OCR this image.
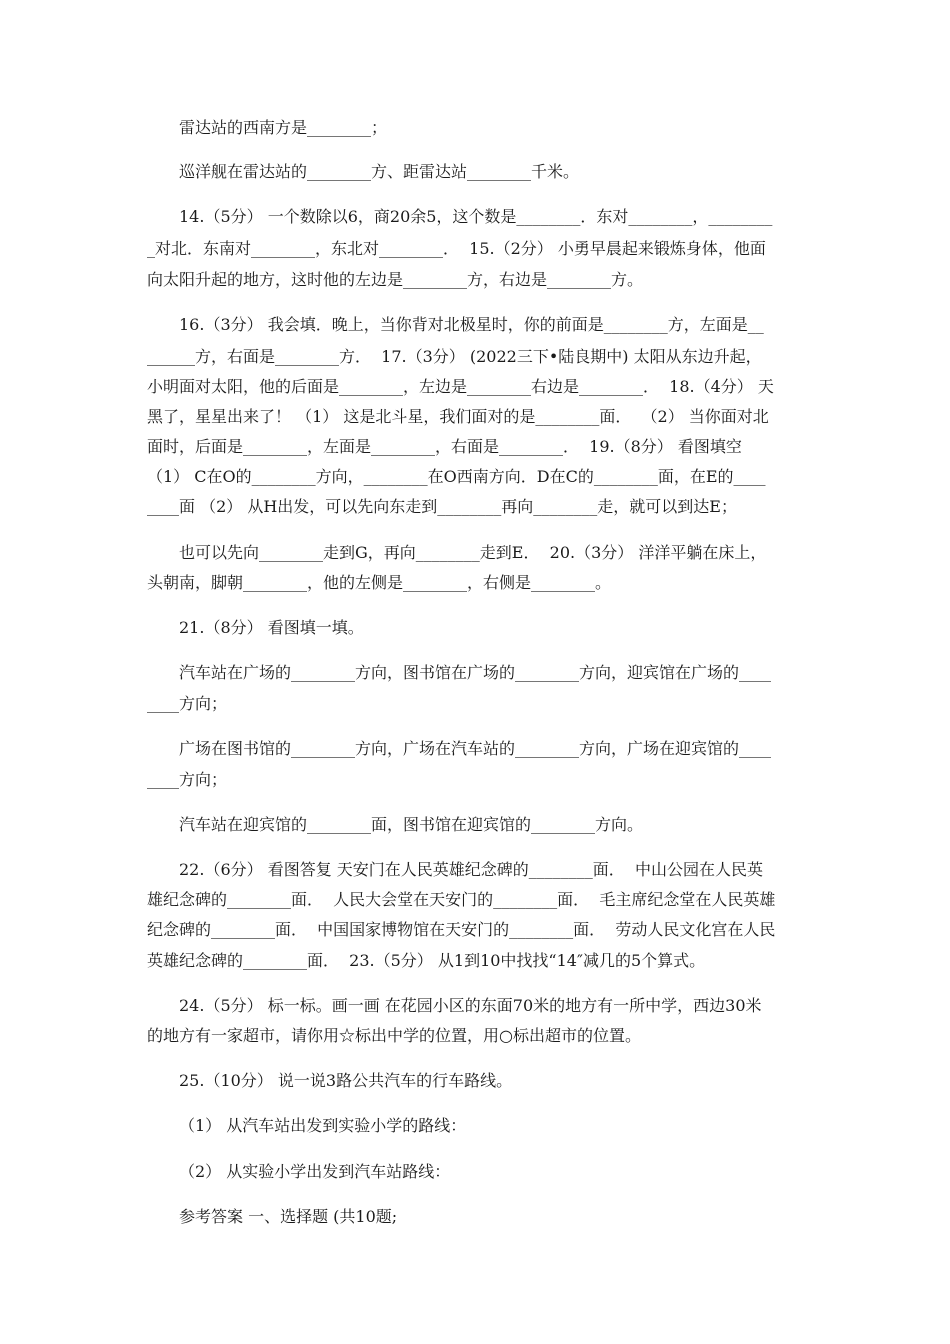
雷达站的西南方是________；

巡洋舰在雷达站的________方、距雷达站________千米。

14.（5分） 一个数除以6，商20余5，这个数是________．东对________，________

_对北．东南对________，东北对________．  15.（2分） 小勇早晨起来锻炼身体，他面

向太阳升起的地方，这时他的左边是________方，右边是________方。

16.（3分） 我会填．晚上，当你背对北极星时，你的前面是________方，左面是__

______方，右面是________方．  17.（3分） (2022三下•陆良期中) 太阳从东边升起，

小明面对太阳，他的后面是________，左边是________右边是________．  18.（4分） 天

黑了，星星出来了！ （1） 这是北斗星，我们面对的是________面．  （2） 当你面对北

面时，后面是________，左面是________，右面是________．  19.（8分） 看图填空

（1） C在O的________方向，________在O西南方向．D在C的________面，在E的____

____面 （2） 从H出发，可以先向东走到________再向________走，就可以到达E；

也可以先向________走到G，再向________走到E．  20.（3分） 洋洋平躺在床上，

头朝南，脚朝________，他的左侧是________，右侧是________。

21.（8分） 看图填一填。

汽车站在广场的________方向，图书馆在广场的________方向，迎宾馆在广场的____

____方向；

广场在图书馆的________方向，广场在汽车站的________方向，广场在迎宾馆的____

____方向；

汽车站在迎宾馆的________面，图书馆在迎宾馆的________方向。

22.（6分） 看图答复 天安门在人民英雄纪念碑的________面．  中山公园在人民英

雄纪念碑的________面．  人民大会堂在天安门的________面．  毛主席纪念堂在人民英雄

纪念碑的________面．  中国国家博物馆在天安门的________面．  劳动人民文化宫在人民

英雄纪念碑的________面．  23.（5分） 从1到10中找找“14″减几的5个算式。

24.（5分） 标一标。画一画 在花园小区的东面70米的地方有一所中学，西边30米

的地方有一家超市，请你用☆标出中学的位置，用○标出超市的位置。

25.（10分） 说一说3路公共汽车的行车路线。

（1） 从汽车站出发到实验小学的路线：

（2） 从实验小学出发到汽车站路线：

参考答案 一、选择题 (共10题;
